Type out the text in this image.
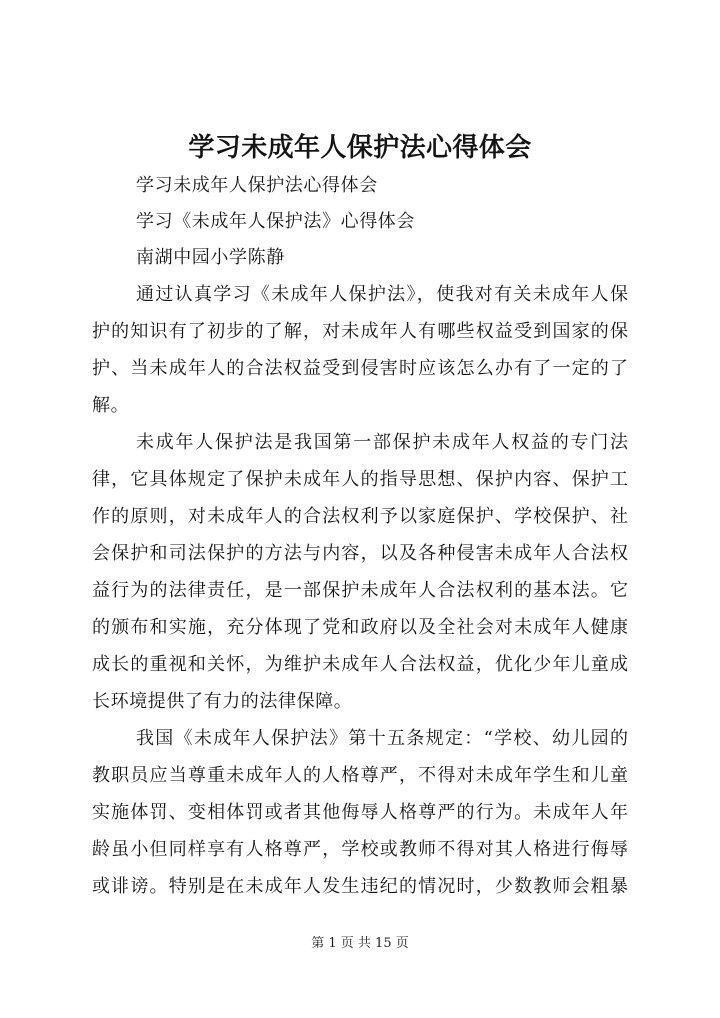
学习未成年人保护法心得体会
学习未成年人保护法心得体会
学习《未成年人保护法》心得体会
南湖中园小学陈静
通过认真学习《未成年人保护法》，使我对有关未成年人保
护的知识有了初步的了解，对未成年人有哪些权益受到国家的保
护、当未成年人的合法权益受到侵害时应该怎么办有了一定的了
解。
未成年人保护法是我国第一部保护未成年人权益的专门法
律，它具体规定了保护未成年人的指导思想、保护内容、保护工
作的原则，对未成年人的合法权利予以家庭保护、学校保护、社
会保护和司法保护的方法与内容，以及各种侵害未成年人合法权
益行为的法律责任，是一部保护未成年人合法权利的基本法。它
的颁布和实施，充分体现了党和政府以及全社会对未成年人健康
成长的重视和关怀，为维护未成年人合法权益，优化少年儿童成
长环境提供了有力的法律保障。
我国《未成年人保护法》第十五条规定：“学校、幼儿园的
教职员应当尊重未成年人的人格尊严，不得对未成年学生和儿童
实施体罚、变相体罚或者其他侮辱人格尊严的行为。未成年人年
龄虽小但同样享有人格尊严，学校或教师不得对其人格进行侮辱
或诽谤。特别是在未成年人发生违纪的情况时，少数教师会粗暴
第 1 页 共 15 页
